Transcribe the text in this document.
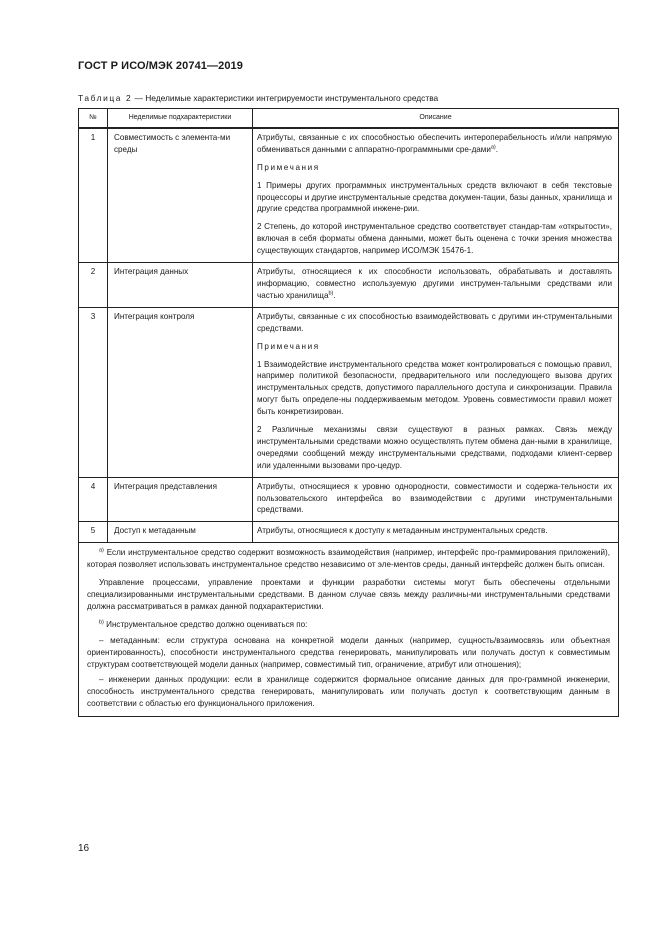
ГОСТ Р ИСО/МЭК 20741—2019
Таблица 2 — Неделимые характеристики интегрируемости инструментального средства
№	Неделимые подхарактеристики	Описание
1	Совместимость с элемента-ми среды	Атрибуты, связанные с их способностью обеспечить интероперабельность и/или напрямую обмениваться данными с аппаратно-программными сре-дами$^{a)}$.

Примечания

1 Примеры других программных инструментальных средств включают в себя текстовые процессоры и другие инструментальные средства докумен-тации, базы данных, хранилища и другие средства программной инжене-рии.

2 Степень, до которой инструментальное средство соответствует стандар-там «открытости», включая в себя форматы обмена данными, может быть оценена с точки зрения множества существующих стандартов, например ИСО/МЭК 15476-1.

2	Интеграция данных	Атрибуты, относящиеся к их способности использовать, обрабатывать и доставлять информацию, совместно используемую другими инструмен-тальными средствами или частью хранилища$^{b)}$.

3	Интеграция контроля	Атрибуты, связанные с их способностью взаимодействовать с другими ин-струментальными средствами.

Примечания

1 Взаимодействие инструментального средства может контролироваться с помощью правил, например политикой безопасности, предварительного или последующего вызова других инструментальных средств, допустимого параллельного доступа и синхронизации. Правила могут быть определе-ны поддерживаемым методом. Уровень совместимости правил может быть конкретизирован.

2 Различные механизмы связи существуют в разных рамках. Связь между инструментальными средствами можно осуществлять путем обмена дан-ными в хранилище, очередями сообщений между инструментальными средствами, подходами клиент-сервер или удаленными вызовами про-цедур.

4	Интеграция представления	Атрибуты, относящиеся к уровню однородности, совместимости и содержа-тельности их пользовательского интерфейса во взаимодействии с другими инструментальными средствами.

5	Доступ к метаданным	Атрибуты, относящиеся к доступу к метаданным инструментальных средств.

$^{a)}$ Если инструментальное средство содержит возможность взаимодействия (например, интерфейс про-граммирования приложений), которая позволяет использовать инструментальное средство независимо от эле-ментов среды, данный интерфейс должен быть описан.

Управление процессами, управление проектами и функции разработки системы могут быть обеспечены отдельными специализированными инструментальными средствами. В данном случае связь между различны-ми инструментальными средствами должна рассматриваться в рамках данной подхарактеристики.

$^{b)}$ Инструментальное средство должно оцениваться по:

– метаданным: если структура основана на конкретной модели данных (например, сущность/взаимосвязь или объектная ориентированность), способности инструментального средства генерировать, манипулировать или получать доступ к совместимым структурам соответствующей модели данных (например, совместимый тип, ограничение, атрибут или отношения);

– инженерии данных продукции: если в хранилище содержится формальное описание данных для про-граммной инженерии, способность инструментального средства генерировать, манипулировать или получать доступ к соответствующим данным в соответствии с областью его функционального приложения.		

16
